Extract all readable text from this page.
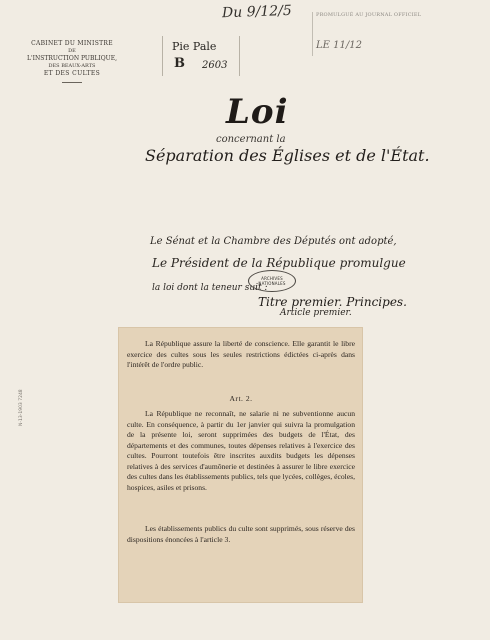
Du 9/12/5
CABINET DU MINISTRE
DE
L'INSTRUCTION PUBLIQUE,
DES BEAUX-ARTS
ET DES CULTES
Pie Pale
B 2603
PROMULGUÉ AU JOURNAL OFFICIEL
LE 11/12
Loi
concernant la
Séparation des Églises et de l'État.
Le Sénat et la Chambre des Députés ont adopté,
Le Président de la République promulgue
la loi dont la teneur suit :
ARCHIVES
NATIONALES
Titre premier. Principes.
Article premier.
La République assure la liberté de conscience. Elle garantit le libre exercice des cultes sous les seules restrictions édictées ci-après dans l'intérêt de l'ordre public.
Art. 2.
La République ne reconnaît, ne salarie ni ne subventionne aucun culte. En conséquence, à partir du 1er janvier qui suivra la promulgation de la présente loi, seront supprimées des budgets de l'État, des départements et des communes, toutes dépenses relatives à l'exercice des cultes. Pourront toutefois être inscrites auxdits budgets les dépenses relatives à des services d'aumônerie et destinées à assurer le libre exercice des cultes dans les établissements publics, tels que lycées, collèges, écoles, hospices, asiles et prisons.
Les établissements publics du culte sont supprimés, sous réserve des dispositions énoncées à l'article 3.
N-13-1903 7248
